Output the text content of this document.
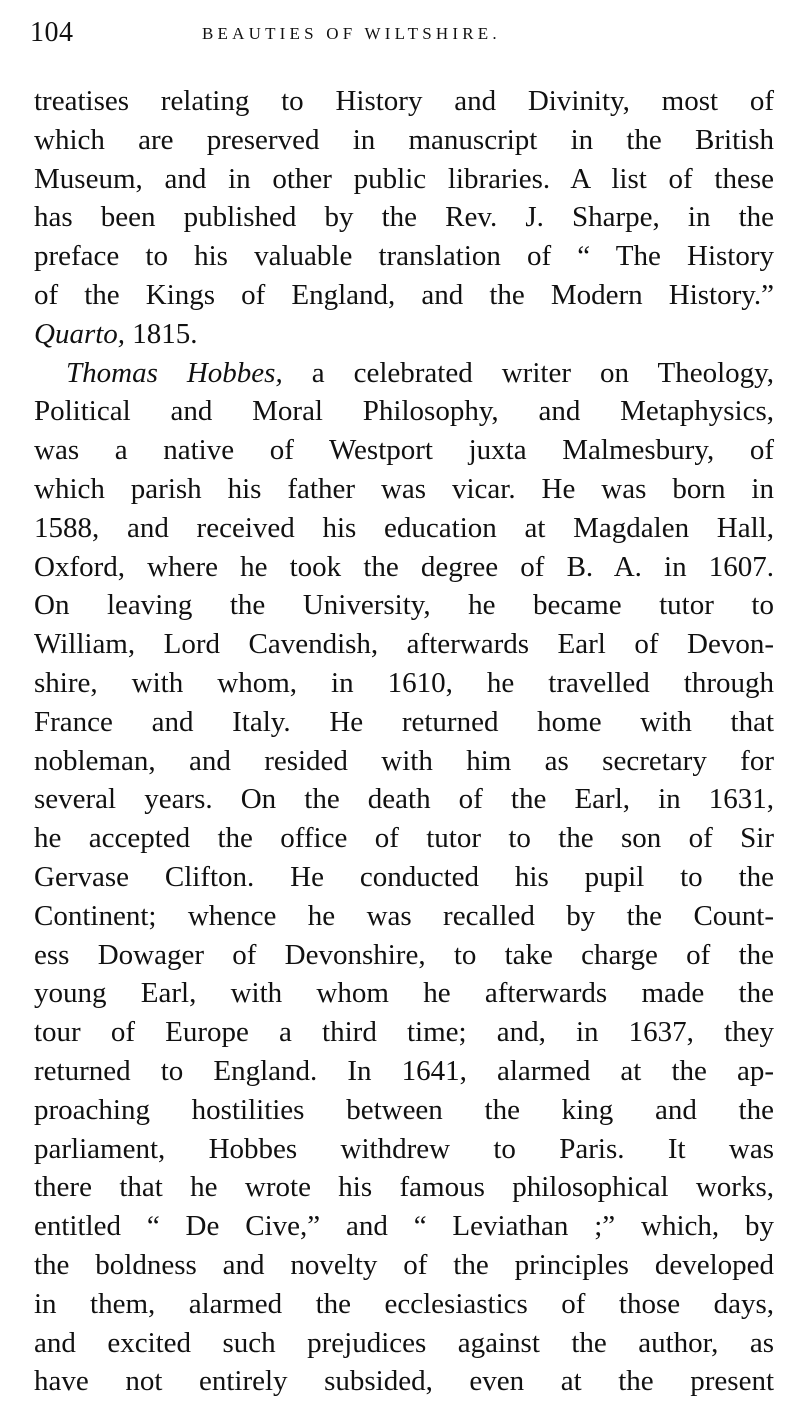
104	BEAUTIES OF WILTSHIRE.
treatises relating to History and Divinity, most of
which are preserved in manuscript in the British
Museum, and in other public libraries. A list of these
has been published by the Rev. J. Sharpe, in the
preface to his valuable translation of “ The History
of the Kings of England, and the Modern History.”
Quarto, 1815.
Thomas Hobbes, a celebrated writer on Theology,
Political and Moral Philosophy, and Metaphysics,
was a native of Westport juxta Malmesbury, of
which parish his father was vicar. He was born in
1588, and received his education at Magdalen Hall,
Oxford, where he took the degree of B. A. in 1607.
On leaving the University, he became tutor to
William, Lord Cavendish, afterwards Earl of Devon-
shire, with whom, in 1610, he travelled through
France and Italy. He returned home with that
nobleman, and resided with him as secretary for
several years. On the death of the Earl, in 1631,
he accepted the office of tutor to the son of Sir
Gervase Clifton. He conducted his pupil to the
Continent; whence he was recalled by the Count-
ess Dowager of Devonshire, to take charge of the
young Earl, with whom he afterwards made the
tour of Europe a third time; and, in 1637, they
returned to England. In 1641, alarmed at the ap-
proaching hostilities between the king and the
parliament, Hobbes withdrew to Paris. It was
there that he wrote his famous philosophical works,
entitled “ De Cive,” and “ Leviathan ;” which, by
the boldness and novelty of the principles developed
in them, alarmed the ecclesiastics of those days,
and excited such prejudices against the author, as
have not entirely subsided, even at the present
